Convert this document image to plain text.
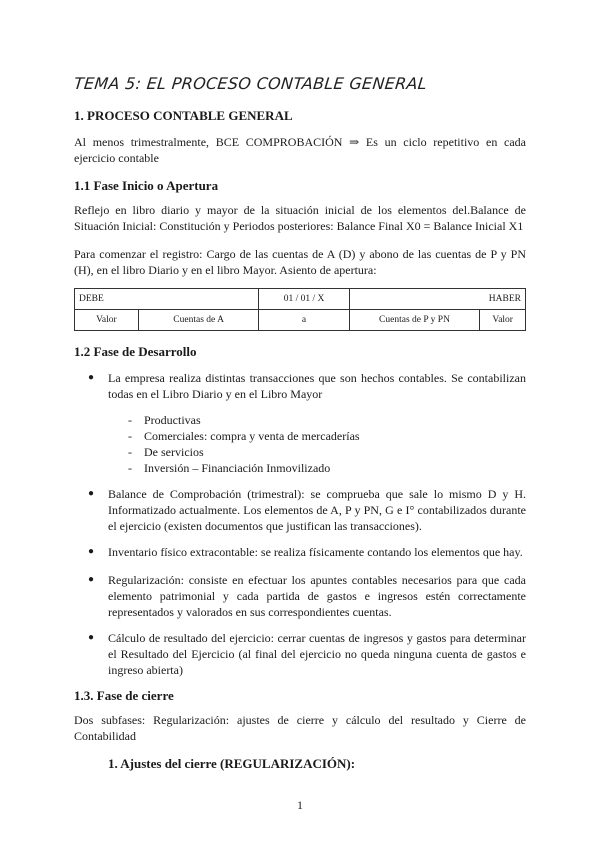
TEMA 5: EL PROCESO CONTABLE GENERAL
1. PROCESO CONTABLE GENERAL
Al menos trimestralmente, BCE COMPROBACIÓN ⇒ Es un ciclo repetitivo en cada ejercicio contable
1.1 Fase Inicio o Apertura
Reflejo en libro diario y mayor de la situación inicial de los elementos del.Balance de Situación Inicial: Constitución y Periodos posteriores: Balance Final X0 = Balance Inicial X1
Para comenzar el registro: Cargo de las cuentas de A (D) y abono de las cuentas de P y PN (H), en el libro Diario y en el libro Mayor. Asiento de apertura:
DEBE		01 / 01 / X	HABER	
Valor	Cuentas de A	a	Cuentas de P y PN	Valor
1.2 Fase de Desarrollo
● La empresa realiza distintas transacciones que son hechos contables. Se contabilizan todas en el Libro Diario y en el Libro Mayor
- Productivas
- Comerciales: compra y venta de mercaderías
- De servicios
- Inversión – Financiación Inmovilizado
● Balance de Comprobación (trimestral): se comprueba que sale lo mismo D y H. Informatizado actualmente. Los elementos de A, P y PN, G e I° contabilizados durante el ejercicio (existen documentos que justifican las transacciones).
● Inventario físico extracontable: se realiza físicamente contando los elementos que hay.
● Regularización: consiste en efectuar los apuntes contables necesarios para que cada elemento patrimonial y cada partida de gastos e ingresos estén correctamente representados y valorados en sus correspondientes cuentas.
● Cálculo de resultado del ejercicio: cerrar cuentas de ingresos y gastos para determinar el Resultado del Ejercicio (al final del ejercicio no queda ninguna cuenta de gastos e ingreso abierta)
1.3. Fase de cierre
Dos subfases: Regularización: ajustes de cierre y cálculo del resultado y Cierre de Contabilidad
1. Ajustes del cierre (REGULARIZACIÓN):
1
